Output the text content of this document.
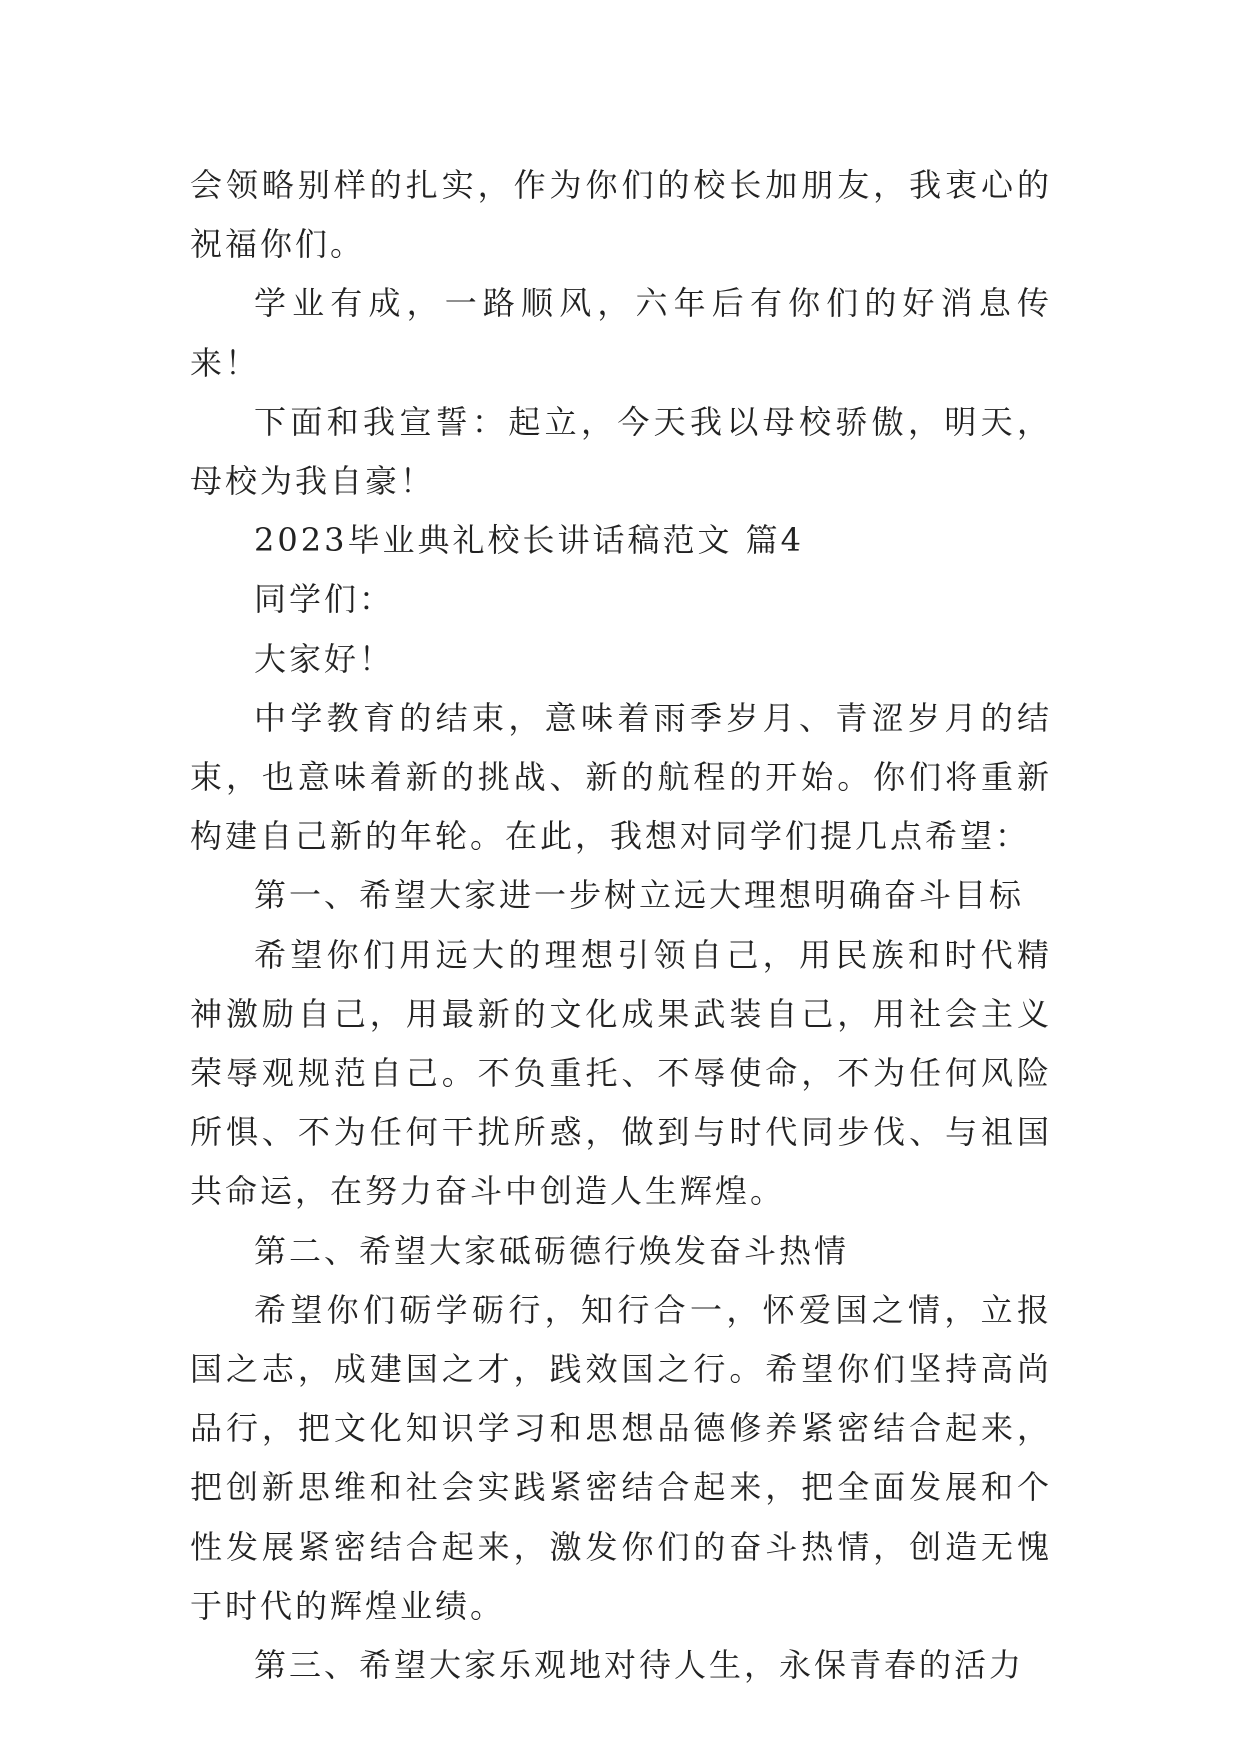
会领略别样的扎实，作为你们的校长加朋友，我衷心的祝福你们。

学业有成，一路顺风，六年后有你们的好消息传来！

下面和我宣誓：起立，今天我以母校骄傲，明天，母校为我自豪！

2023毕业典礼校长讲话稿范文 篇4

同学们：

大家好！

中学教育的结束，意味着雨季岁月、青涩岁月的结束，也意味着新的挑战、新的航程的开始。你们将重新构建自己新的年轮。在此，我想对同学们提几点希望：

第一、希望大家进一步树立远大理想明确奋斗目标

希望你们用远大的理想引领自己，用民族和时代精神激励自己，用最新的文化成果武装自己，用社会主义荣辱观规范自己。不负重托、不辱使命，不为任何风险所惧、不为任何干扰所惑，做到与时代同步伐、与祖国共命运，在努力奋斗中创造人生辉煌。

第二、希望大家砥砺德行焕发奋斗热情

希望你们砺学砺行，知行合一，怀爱国之情，立报国之志，成建国之才，践效国之行。希望你们坚持高尚品行，把文化知识学习和思想品德修养紧密结合起来，把创新思维和社会实践紧密结合起来，把全面发展和个性发展紧密结合起来，激发你们的奋斗热情，创造无愧于时代的辉煌业绩。

第三、希望大家乐观地对待人生，永保青春的活力
